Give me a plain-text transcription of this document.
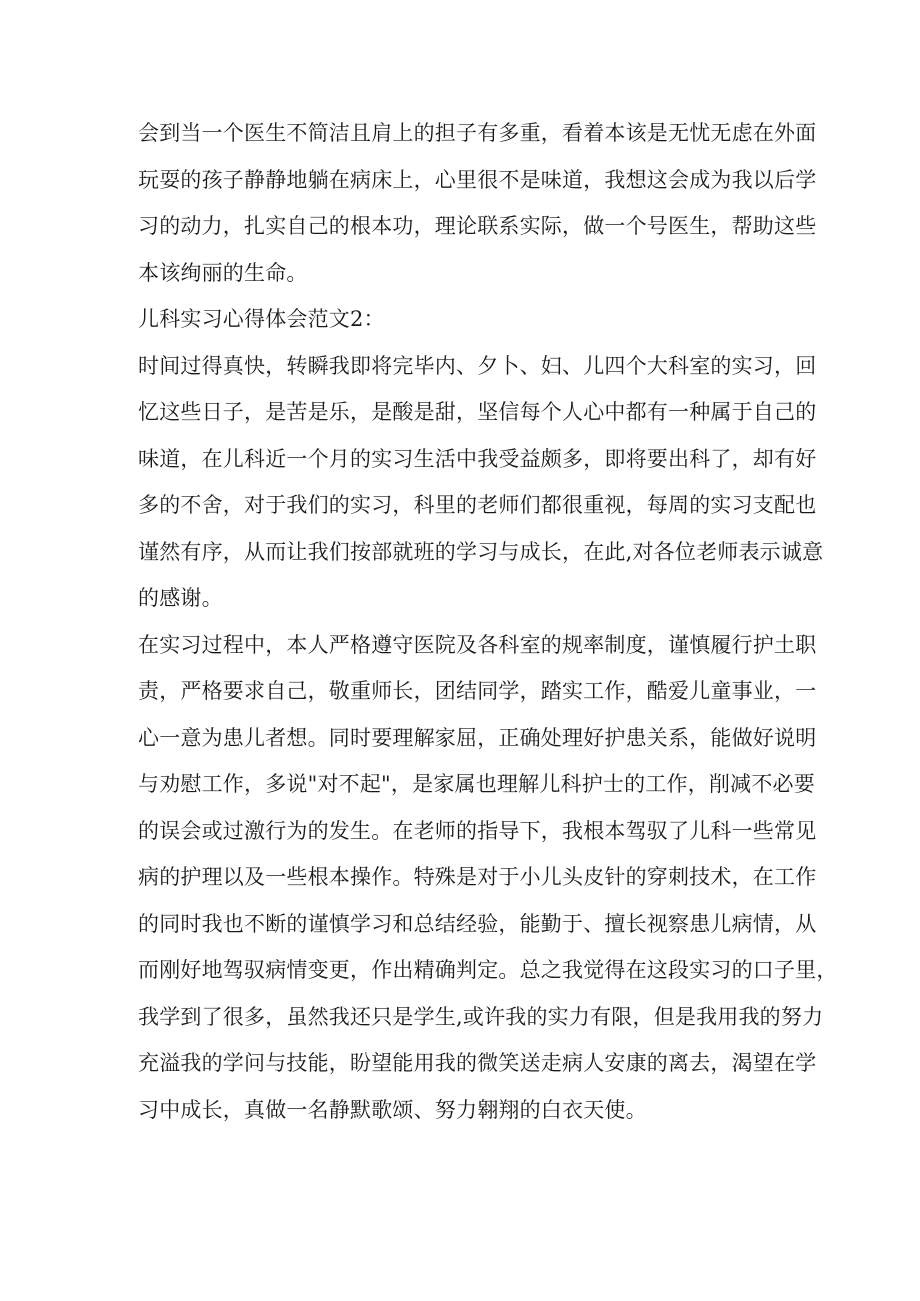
会到当一个医生不简洁且肩上的担子有多重，看着本该是无忧无虑在外面
玩耍的孩子静静地躺在病床上，心里很不是味道，我想这会成为我以后学
习的动力，扎实自己的根本功，理论联系实际，做一个号医生，帮助这些
本该绚丽的生命。
儿科实习心得体会范文2：
时间过得真快，转瞬我即将完毕内、夕卜、妇、儿四个大科室的实习，回
忆这些日子，是苦是乐，是酸是甜，坚信每个人心中都有一种属于自己的
味道，在儿科近一个月的实习生活中我受益颇多，即将要出科了，却有好
多的不舍，对于我们的实习，科里的老师们都很重视，每周的实习支配也
谨然有序，从而让我们按部就班的学习与成长，在此,对各位老师表示诚意
的感谢。
在实习过程中，本人严格遵守医院及各科室的规率制度，谨慎履行护土职
责，严格要求自己，敬重师长，团结同学，踏实工作，酷爱儿童事业，一
心一意为患儿者想。同时要理解家屈，正确处理好护患关系，能做好说明
与劝慰工作，多说"对不起"，是家属也理解儿科护士的工作，削减不必要
的误会或过激行为的发生。在老师的指导下，我根本驾驭了儿科一些常见
病的护理以及一些根本操作。特殊是对于小儿头皮针的穿刺技术，在工作
的同时我也不断的谨慎学习和总结经验，能勤于、擅长视察患儿病情，从
而刚好地驾驭病情变更，作出精确判定。总之我觉得在这段实习的口子里，
我学到了很多，虽然我还只是学生,或许我的实力有限，但是我用我的努力
充溢我的学问与技能，盼望能用我的微笑送走病人安康的离去，渴望在学
习中成长，真做一名静默歌颂、努力翱翔的白衣天使。
